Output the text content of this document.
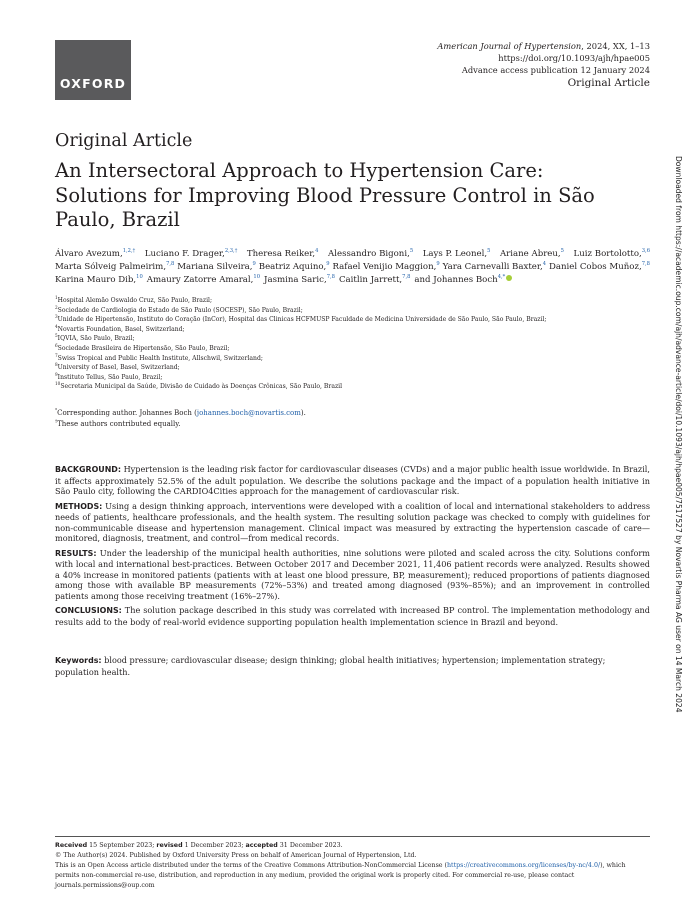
OXFORD
American Journal of Hypertension, 2024, XX, 1–13
https://doi.org/10.1093/ajh/hpae005
Advance access publication 12 January 2024
Original Article
Original Article
An Intersectoral Approach to Hypertension Care: Solutions for Improving Blood Pressure Control in São Paulo, Brazil
Álvaro Avezum,$^{1,2,\dagger}$ Luciano F. Drager,$^{2,3,\dagger}$ Theresa Reiker,$^4$ Alessandro Bigoni,$^5$ Lays P. Leonel,$^5$ Ariane Abreu,$^5$ Luiz Bortolotto,$^{3,6}$
Marta Sólveig Palmeirim,$^{7,8}$ Mariana Silveira,$^9$ Beatriz Aquino,$^9$ Rafael Venijio Maggion,$^9$ Yara Carnevalli Baxter,$^4$ Daniel Cobos Muñoz,$^{7,8}$
Karina Mauro Dib,$^{10}$ Amaury Zatorre Amaral,$^{10}$ Jasmina Saric,$^{7,8}$ Caitlin Jarrett,$^{7,8}$ and Johannes Boch$^{4,*}$
$^1$Hospital Alemão Oswaldo Cruz, São Paulo, Brazil;
$^2$Sociedade de Cardiologia do Estado de São Paulo (SOCESP), São Paulo, Brazil;
$^3$Unidade de Hipertensão, Instituto do Coração (InCor), Hospital das Clinicas HCFMUSP Faculdade de Medicina Universidade de São Paulo, São Paulo, Brazil;
$^4$Novartis Foundation, Basel, Switzerland;
$^5$IQVIA, São Paulo, Brazil;
$^6$Sociedade Brasileira de Hipertensão, São Paulo, Brazil;
$^7$Swiss Tropical and Public Health Institute, Allschwil, Switzerland;
$^8$University of Basel, Basel, Switzerland;
$^9$Instituto Tellus, São Paulo, Brazil;
$^{10}$Secretaria Municipal da Saúde, Divisão de Cuidado às Doenças Crônicas, São Paulo, Brazil
*Corresponding author. Johannes Boch (johannes.boch@novartis.com).
†These authors contributed equally.

BACKGROUND: Hypertension is the leading risk factor for cardiovascular diseases (CVDs) and a major public health issue worldwide. In Brazil, it affects approximately 52.5% of the adult population. We describe the solutions package and the impact of a population health initiative in São Paulo city, following the CARDIO4Cities approach for the management of cardiovascular risk.

METHODS: Using a design thinking approach, interventions were developed with a coalition of local and international stakeholders to address needs of patients, healthcare professionals, and the health system. The resulting solution package was checked to comply with guidelines for non-communicable disease and hypertension management. Clinical impact was measured by extracting the hypertension cascade of care—monitored, diagnosis, treatment, and control—from medical records.

RESULTS: Under the leadership of the municipal health authorities, nine solutions were piloted and scaled across the city. Solutions conform with local and international best-practices. Between October 2017 and December 2021, 11,406 patient records were analyzed. Results showed a 40% increase in monitored patients (patients with at least one blood pressure, BP, measurement); reduced proportions of patients diagnosed among those with available BP measurements (72%–53%) and treated among diagnosed (93%–85%); and an improvement in controlled patients among those receiving treatment (16%–27%).

CONCLUSIONS: The solution package described in this study was correlated with increased BP control. The implementation methodology and results add to the body of real-world evidence supporting population health implementation science in Brazil and beyond.

Keywords: blood pressure; cardiovascular disease; design thinking; global health initiatives; hypertension; implementation strategy; population health.
Received 15 September 2023; revised 1 December 2023; accepted 31 December 2023.
© The Author(s) 2024. Published by Oxford University Press on behalf of American Journal of Hypertension, Ltd.
This is an Open Access article distributed under the terms of the Creative Commons Attribution-NonCommercial License (https://creativecommons.org/licenses/by-nc/4.0/), which permits non-commercial re-use, distribution, and reproduction in any medium, provided the original work is properly cited. For commercial re-use, please contact journals.permissions@oup.com
Downloaded from https://academic.oup.com/ajh/advance-article/doi/10.1093/ajh/hpae005/7517527 by Novartis Pharma AG user on 14 March 2024
